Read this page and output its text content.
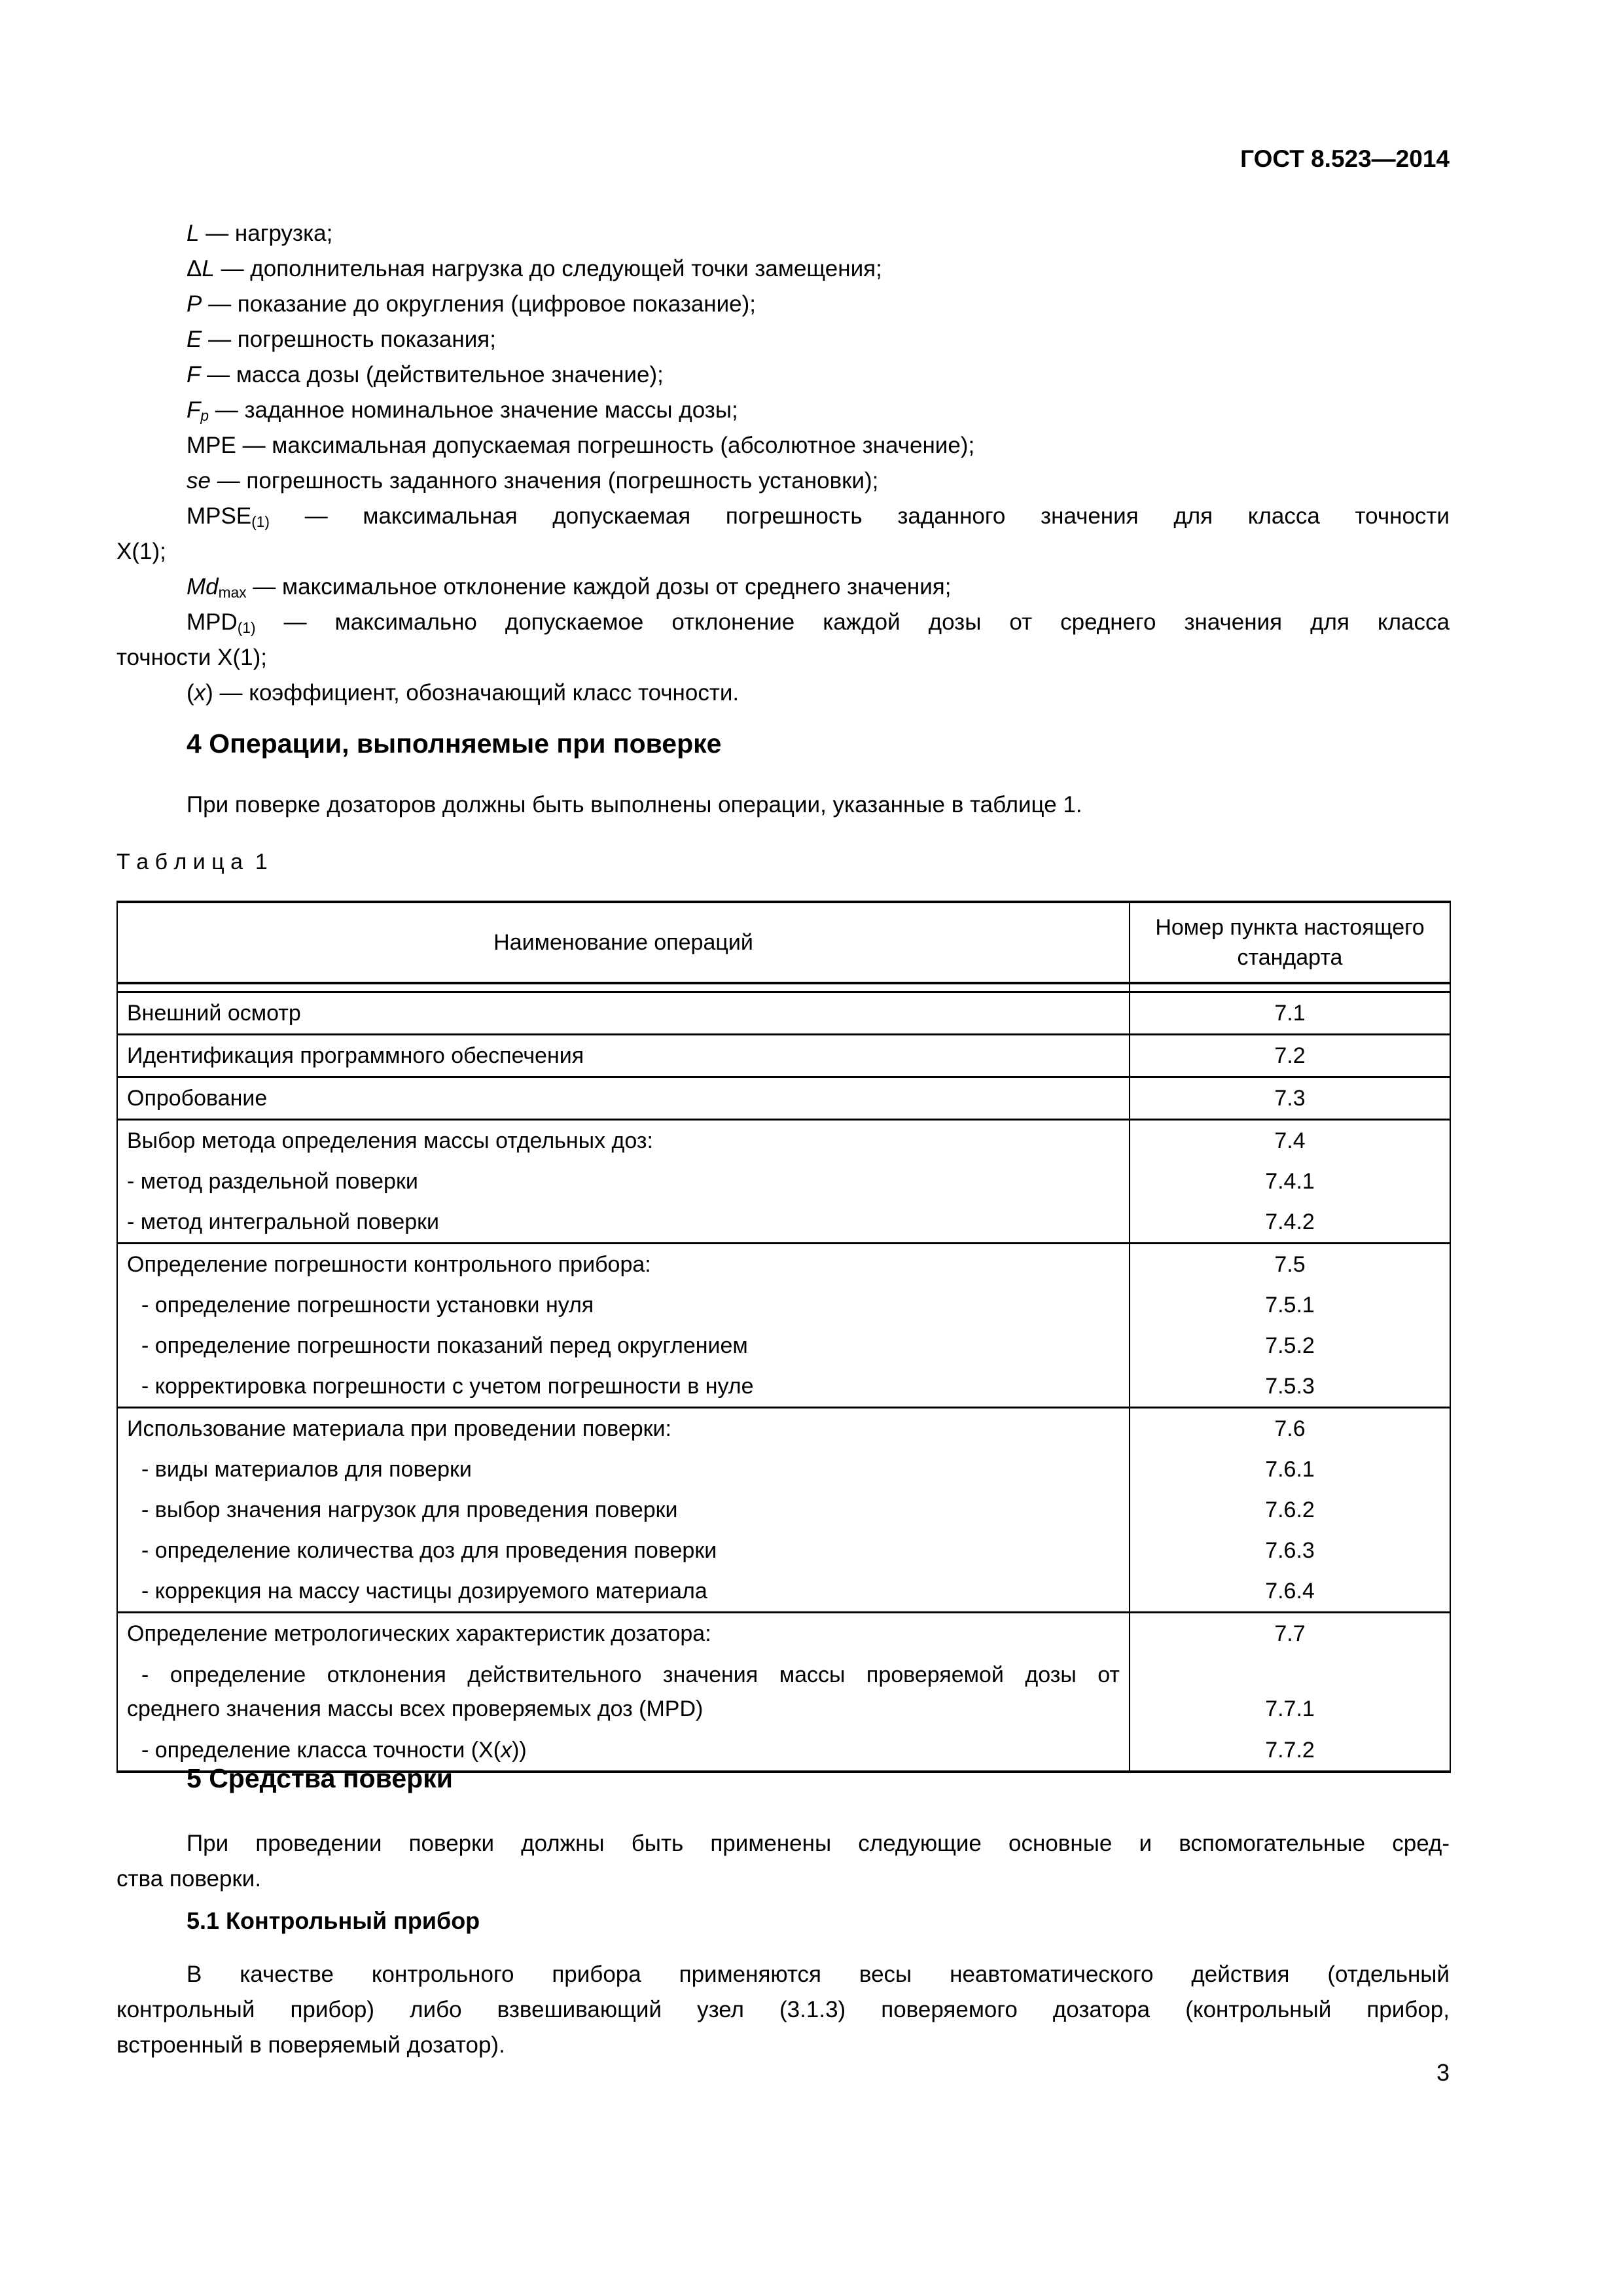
ГОСТ 8.523—2014
L — нагрузка;
ΔL — дополнительная нагрузка до следующей точки замещения;
P — показание до округления (цифровое показание);
E — погрешность показания;
F — масса дозы (действительное значение);
$F_p$ — заданное номинальное значение массы дозы;
MPE — максимальная допускаемая погрешность (абсолютное значение);
se — погрешность заданного значения (погрешность установки);
$MPSE_{(1)}$ — максимальная допускаемая погрешность заданного значения для класса точности
X(1);
$Md_{max}$ — максимальное отклонение каждой дозы от среднего значения;
$MPD_{(1)}$ — максимально допускаемое отклонение каждой дозы от среднего значения для класса
точности X(1);
(x) — коэффициент, обозначающий класс точности.
4 Операции, выполняемые при поверке
При поверке дозаторов должны быть выполнены операции, указанные в таблице 1.
Т а б л и ц а  1
Наименование операций	Номер пункта настоящего стандарта

Внешний осмотр	7.1
Идентификация программного обеспечения	7.2
Опробование	7.3
Выбор метода определения массы отдельных доз:	7.4
- метод раздельной поверки	7.4.1
- метод интегральной поверки	7.4.2
Определение погрешности контрольного прибора:	7.5
- определение погрешности установки нуля	7.5.1
- определение погрешности показаний перед округлением	7.5.2
- корректировка погрешности с учетом погрешности в нуле	7.5.3
Использование материала при проведении поверки:	7.6
- виды материалов для поверки	7.6.1
- выбор значения нагрузок для проведения поверки	7.6.2
- определение количества доз для проведения поверки	7.6.3
- коррекция на массу частицы дозируемого материала	7.6.4
Определение метрологических характеристик дозатора:	7.7

- определение отклонения действительного значения массы проверяемой дозы от
среднего значения массы всех проверяемых доз (MPD)	7.7.1
- определение класса точности (X(x))	7.7.2
5 Средства поверки
При проведении поверки должны быть применены следующие основные и вспомогательные сред-
ства поверки.
5.1 Контрольный прибор
В качестве контрольного прибора применяются весы неавтоматического действия (отдельный
контрольный прибор) либо взвешивающий узел (3.1.3) поверяемого дозатора (контрольный прибор,
встроенный в поверяемый дозатор).
3
